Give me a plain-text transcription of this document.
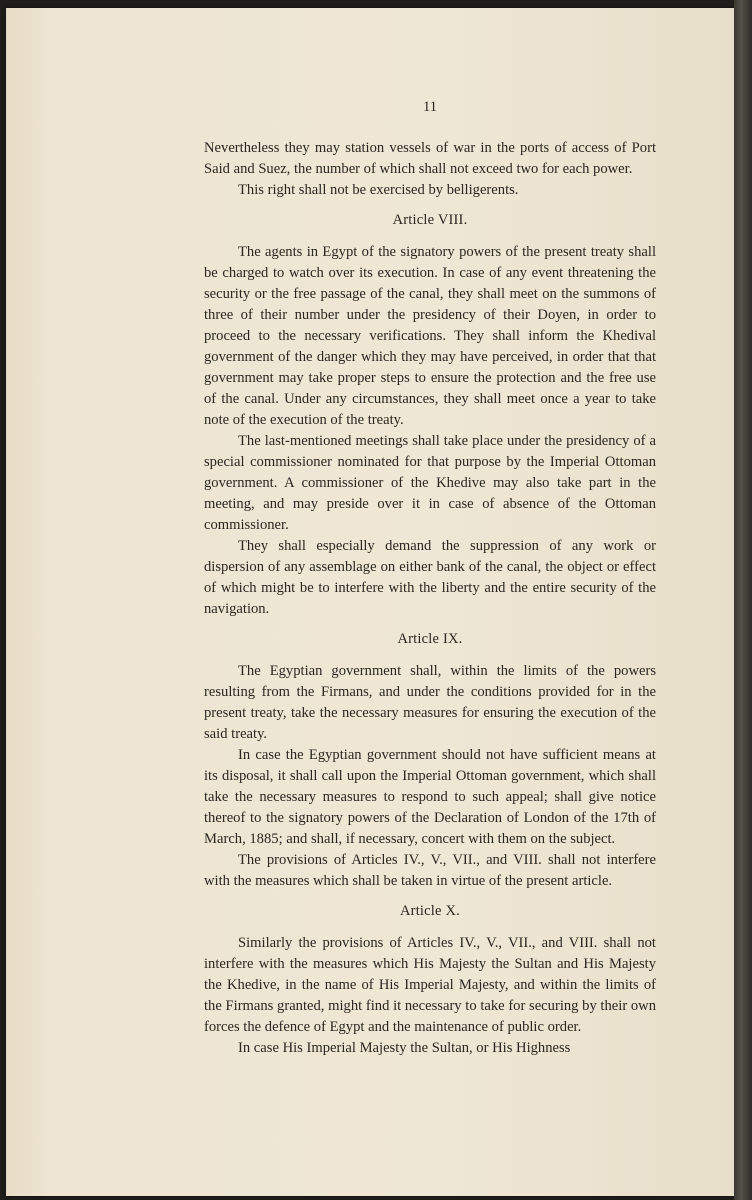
11

Nevertheless they may station vessels of war in the ports of access of Port Said and Suez, the number of which shall not exceed two for each power.

This right shall not be exercised by belligerents.

Article VIII.

The agents in Egypt of the signatory powers of the present treaty shall be charged to watch over its execution. In case of any event threatening the security or the free passage of the canal, they shall meet on the summons of three of their number under the presidency of their Doyen, in order to proceed to the necessary verifications. They shall inform the Khedival government of the danger which they may have perceived, in order that that government may take proper steps to ensure the protection and the free use of the canal. Under any circumstances, they shall meet once a year to take note of the execution of the treaty.

The last-mentioned meetings shall take place under the presidency of a special commissioner nominated for that purpose by the Imperial Ottoman government. A commissioner of the Khedive may also take part in the meeting, and may preside over it in case of absence of the Ottoman commissioner.

They shall especially demand the suppression of any work or dispersion of any assemblage on either bank of the canal, the object or effect of which might be to interfere with the liberty and the entire security of the navigation.

Article IX.

The Egyptian government shall, within the limits of the powers resulting from the Firmans, and under the conditions provided for in the present treaty, take the necessary measures for ensuring the execution of the said treaty.

In case the Egyptian government should not have sufficient means at its disposal, it shall call upon the Imperial Ottoman government, which shall take the necessary measures to respond to such appeal; shall give notice thereof to the signatory powers of the Declaration of London of the 17th of March, 1885; and shall, if necessary, concert with them on the subject.

The provisions of Articles IV., V., VII., and VIII. shall not interfere with the measures which shall be taken in virtue of the present article.

Article X.

Similarly the provisions of Articles IV., V., VII., and VIII. shall not interfere with the measures which His Majesty the Sultan and His Majesty the Khedive, in the name of His Imperial Majesty, and within the limits of the Firmans granted, might find it necessary to take for securing by their own forces the defence of Egypt and the maintenance of public order.

In case His Imperial Majesty the Sultan, or His Highness
